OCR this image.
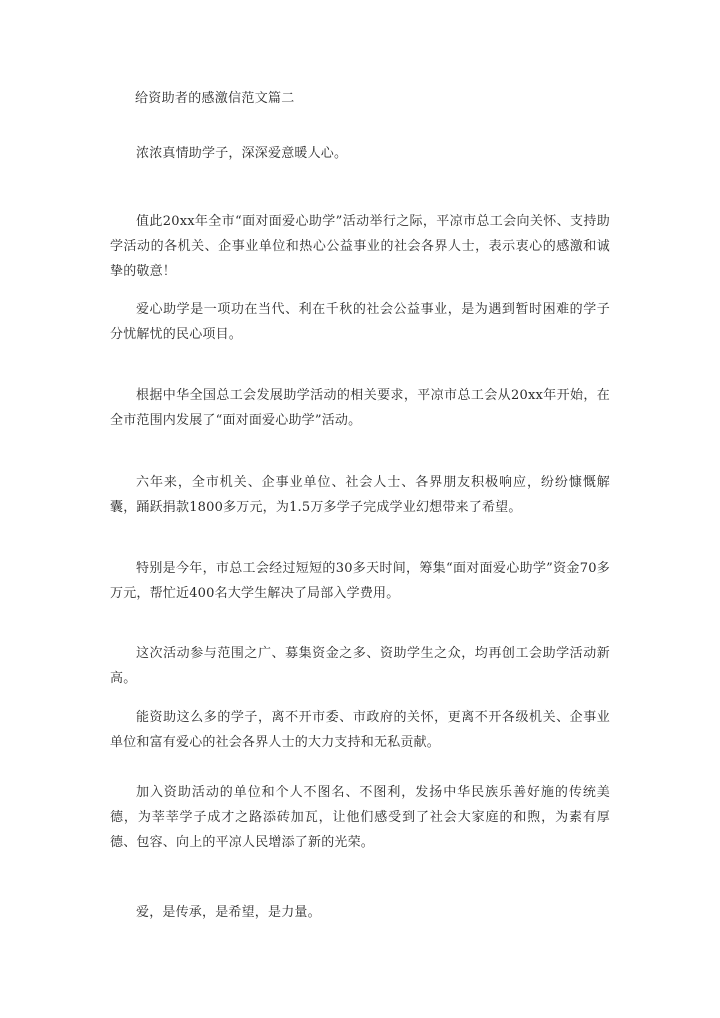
给资助者的感激信范文篇二

浓浓真情助学子，深深爱意暖人心。

值此20xx年全市“面对面爱心助学”活动举行之际，平凉市总工会向关怀、支持助学活动的各机关、企事业单位和热心公益事业的社会各界人士，表示衷心的感激和诚挚的敬意！

爱心助学是一项功在当代、利在千秋的社会公益事业，是为遇到暂时困难的学子分忧解忧的民心项目。

根据中华全国总工会发展助学活动的相关要求，平凉市总工会从20xx年开始，在全市范围内发展了“面对面爱心助学”活动。

六年来，全市机关、企事业单位、社会人士、各界朋友积极响应，纷纷慷慨解囊，踊跃捐款1800多万元，为1.5万多学子完成学业幻想带来了希望。

特别是今年，市总工会经过短短的30多天时间，筹集“面对面爱心助学”资金70多万元，帮忙近400名大学生解决了局部入学费用。

这次活动参与范围之广、募集资金之多、资助学生之众，均再创工会助学活动新高。

能资助这么多的学子，离不开市委、市政府的关怀，更离不开各级机关、企事业单位和富有爱心的社会各界人士的大力支持和无私贡献。

加入资助活动的单位和个人不图名、不图利，发扬中华民族乐善好施的传统美德，为莘莘学子成才之路添砖加瓦，让他们感受到了社会大家庭的和煦，为素有厚德、包容、向上的平凉人民增添了新的光荣。

爱，是传承，是希望，是力量。
